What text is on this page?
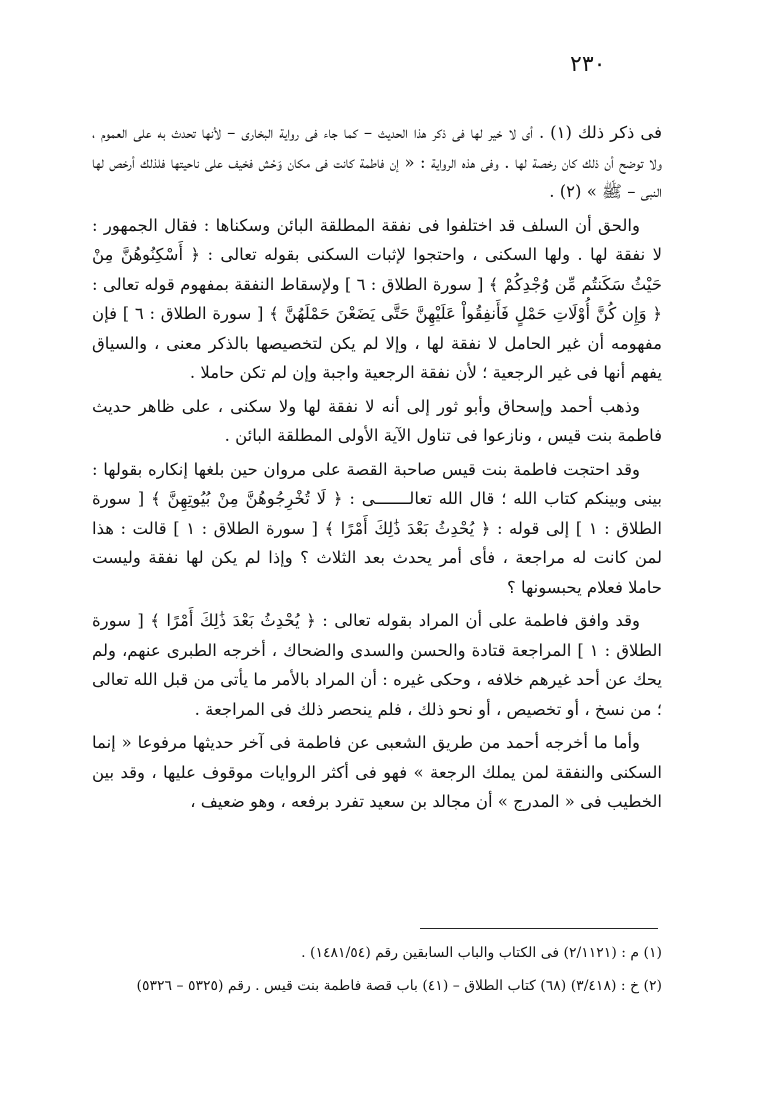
٢٣٠

فى ذكر ذلك (١) . أى لا خير لها فى ذكر هذا الحديث – كما جاء فى رواية البخارى – لأنها تحدث به على العموم ، ولا توضح أن ذلك كان رخصة لها . وفى هذه الرواية : « إن فاطمة كانت فى مكان وَحْش فخيف على ناحيتها فلذلك أرخص لها النبى – ﷺ » (٢) .

والحق أن السلف قد اختلفوا فى نفقة المطلقة البائن وسكناها : فقال الجمهور : لا نفقة لها . ولها السكنى ، واحتجوا لإثبات السكنى بقوله تعالى : ﴿ أَسْكِنُوهُنَّ مِنْ حَيْثُ سَكَنتُم مِّن وُجْدِكُمْ ﴾ [ سورة الطلاق : ٦ ] ولإسقاط النفقة بمفهوم قوله تعالى : ﴿ وَإِن كُنَّ أُوْلَاتِ حَمْلٍ فَأَنفِقُواْ عَلَيْهِنَّ حَتَّى يَضَعْنَ حَمْلَهُنَّ ﴾ [ سورة الطلاق : ٦ ] فإن مفهومه أن غير الحامل لا نفقة لها ، وإلا لم يكن لتخصيصها بالذكر معنى ، والسياق يفهم أنها فى غير الرجعية ؛ لأن نفقة الرجعية واجبة وإن لم تكن حاملا .

وذهب أحمد وإسحاق وأبو ثور إلى أنه لا نفقة لها ولا سكنى ، على ظاهر حديث فاطمة بنت قيس ، ونازعوا فى تناول الآية الأولى المطلقة البائن .

وقد احتجت فاطمة بنت قيس صاحبة القصة على مروان حين بلغها إنكاره بقولها : بينى وبينكم كتاب الله ؛ قال الله تعالـــــــى : ﴿ لَا تُخْرِجُوهُنَّ مِنْ بُيُوتِهِنَّ ﴾ [ سورة الطلاق : ١ ] إلى قوله : ﴿ يُحْدِثُ بَعْدَ ذَٰلِكَ أَمْرًا ﴾ [ سورة الطلاق : ١ ] قالت : هذا لمن كانت له مراجعة ، فأى أمر يحدث بعد الثلاث ؟ وإذا لم يكن لها نفقة وليست حاملا فعلام يحبسونها ؟

وقد وافق فاطمة على أن المراد بقوله تعالى : ﴿ يُحْدِثُ بَعْدَ ذَٰلِكَ أَمْرًا ﴾ [ سورة الطلاق : ١ ] المراجعة قتادة والحسن والسدى والضحاك ، أخرجه الطبرى عنهم، ولم يحك عن أحد غيرهم خلافه ، وحكى غيره : أن المراد بالأمر ما يأتى من قبل الله تعالى ؛ من نسخ ، أو تخصيص ، أو نحو ذلك ، فلم ينحصر ذلك فى المراجعة .

وأما ما أخرجه أحمد من طريق الشعبى عن فاطمة فى آخر حديثها مرفوعا « إنما السكنى والنفقة لمن يملك الرجعة » فهو فى أكثر الروايات موقوف عليها ، وقد بين الخطيب فى « المدرج » أن مجالد بن سعيد تفرد برفعه ، وهو ضعيف ،

(١) م : (٢/١١٢١) فى الكتاب والباب السابقين رقم (١٤٨١/٥٤) .

(٢) خ : (٣/٤١٨) (٦٨) كتاب الطلاق – (٤١) باب قصة فاطمة بنت قيس . رقم (٥٣٢٥ – ٥٣٢٦)
